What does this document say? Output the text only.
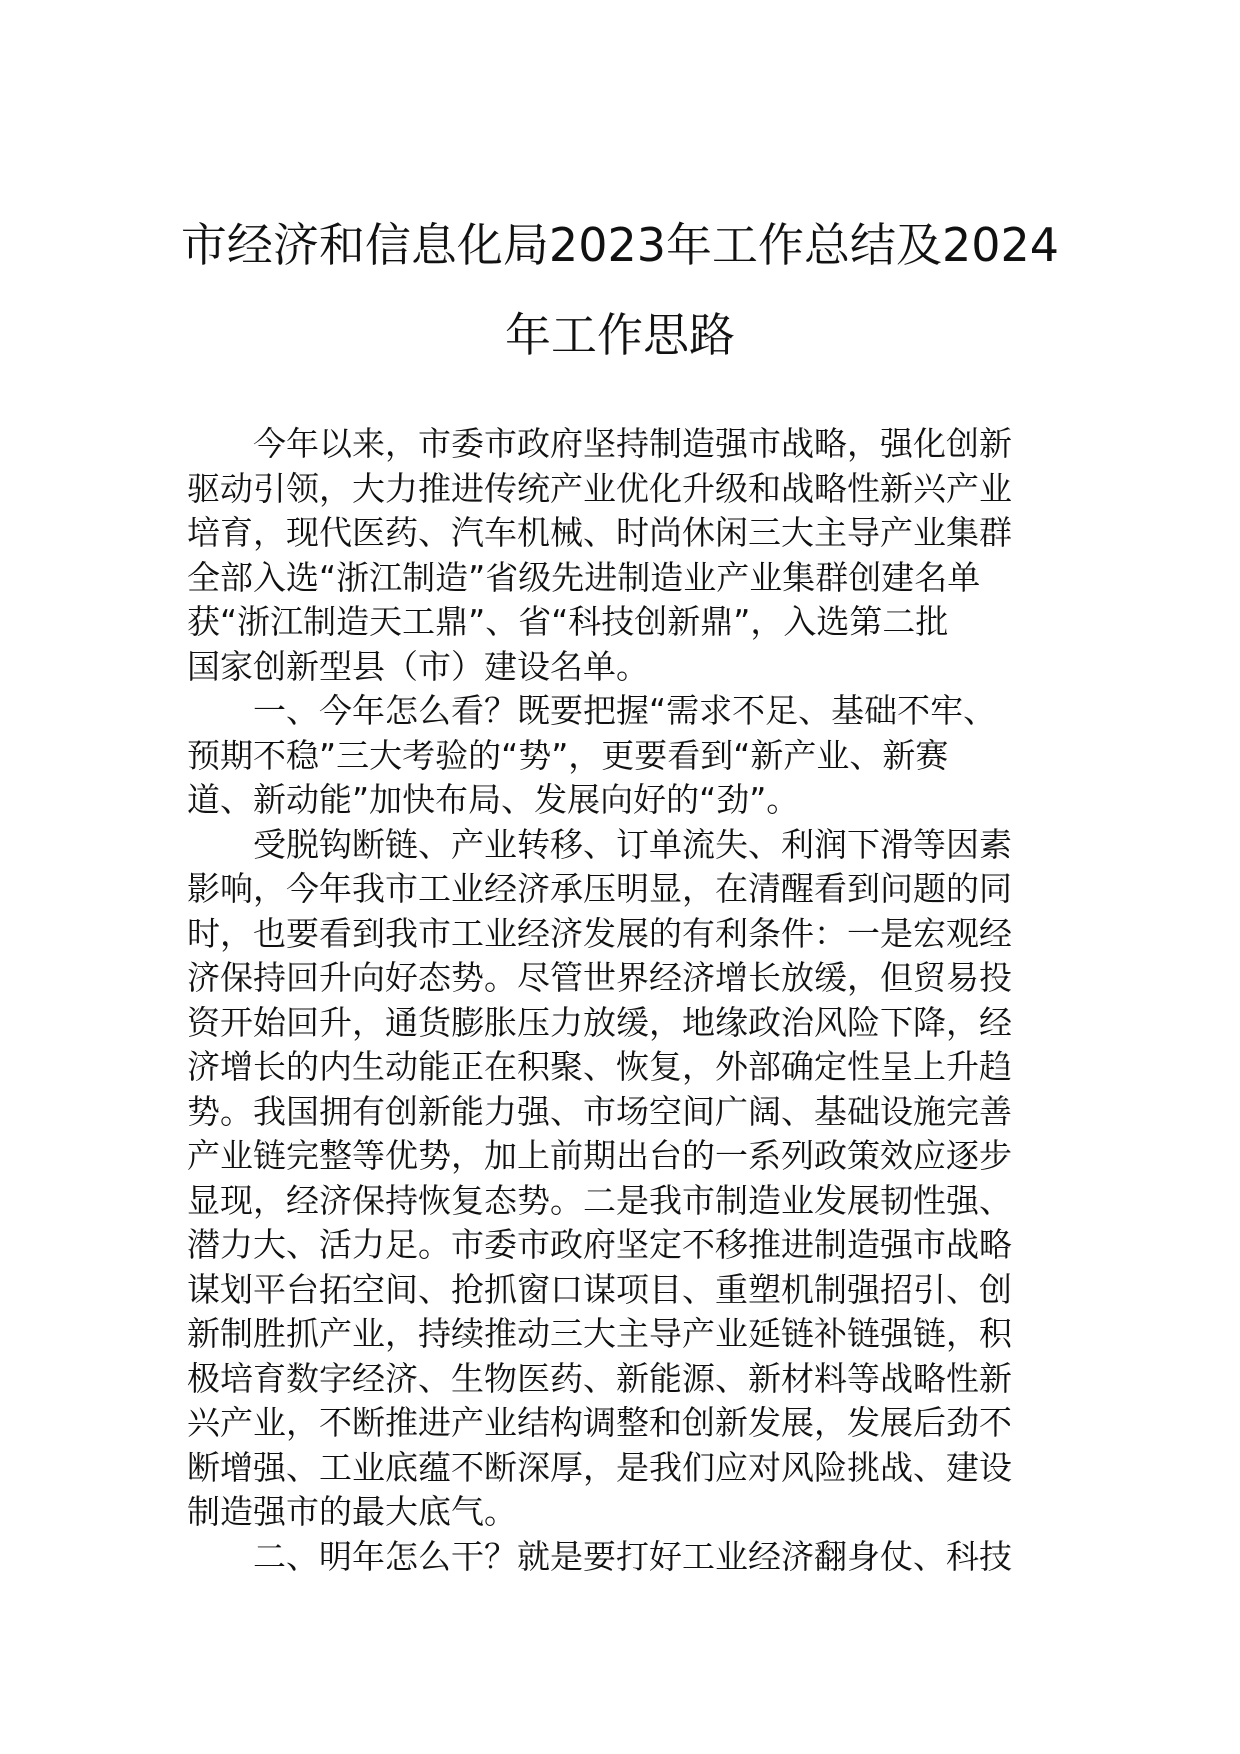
市经济和信息化局2023年工作总结及2024
年工作思路
今年以来，市委市政府坚持制造强市战略，强化创新
驱动引领，大力推进传统产业优化升级和战略性新兴产业
培育，现代医药、汽车机械、时尚休闲三大主导产业集群
全部入选“浙江制造”省级先进制造业产业集群创建名单
获“浙江制造天工鼎”、省“科技创新鼎”，入选第二批
国家创新型县（市）建设名单。
一、今年怎么看？既要把握“需求不足、基础不牢、
预期不稳”三大考验的“势”，更要看到“新产业、新赛
道、新动能”加快布局、发展向好的“劲”。
受脱钩断链、产业转移、订单流失、利润下滑等因素
影响，今年我市工业经济承压明显，在清醒看到问题的同
时，也要看到我市工业经济发展的有利条件：一是宏观经
济保持回升向好态势。尽管世界经济增长放缓，但贸易投
资开始回升，通货膨胀压力放缓，地缘政治风险下降，经
济增长的内生动能正在积聚、恢复，外部确定性呈上升趋
势。我国拥有创新能力强、市场空间广阔、基础设施完善
产业链完整等优势，加上前期出台的一系列政策效应逐步
显现，经济保持恢复态势。二是我市制造业发展韧性强、
潜力大、活力足。市委市政府坚定不移推进制造强市战略
谋划平台拓空间、抢抓窗口谋项目、重塑机制强招引、创
新制胜抓产业，持续推动三大主导产业延链补链强链，积
极培育数字经济、生物医药、新能源、新材料等战略性新
兴产业，不断推进产业结构调整和创新发展，发展后劲不
断增强、工业底蕴不断深厚，是我们应对风险挑战、建设
制造强市的最大底气。
二、明年怎么干？就是要打好工业经济翻身仗、科技
